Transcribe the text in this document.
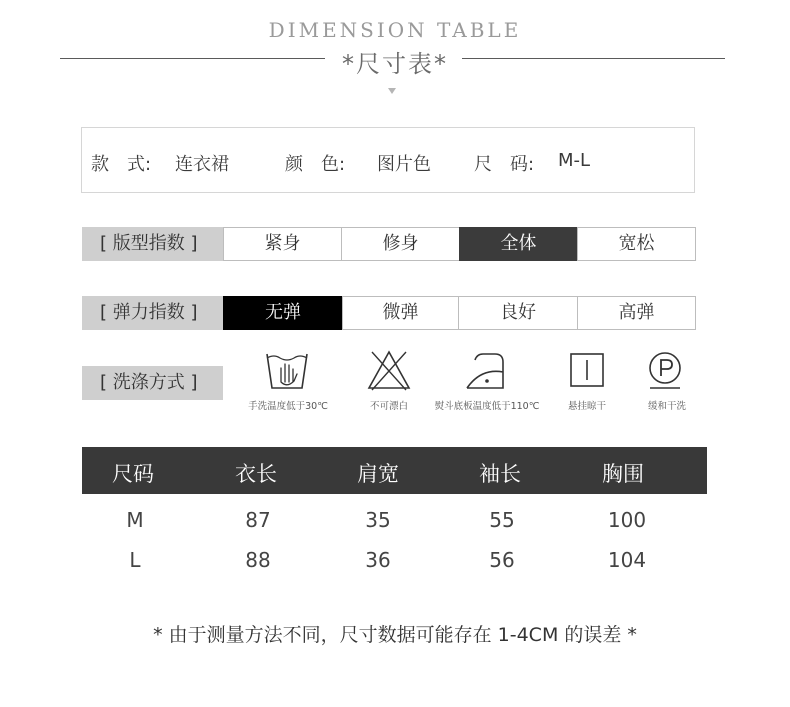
DIMENSION TABLE
*尺寸表*
款　式: 连衣裙	颜　色: 图片色 尺　码: M-L
[ 版型指数 ]	紧身	修身	全体	宽松
[ 弹力指数 ]	无弹	微弹	良好	高弹
[ 洗涤方式 ]
手洗温度低于30℃	不可漂白	熨斗底板温度低于110℃	悬挂晾干	缓和干洗
尺码	衣长	肩宽	袖长	胸围
M	87	35	55	100
L	88	36	56	104
* 由于测量方法不同，尺寸数据可能存在 1-4CM 的误差 *
